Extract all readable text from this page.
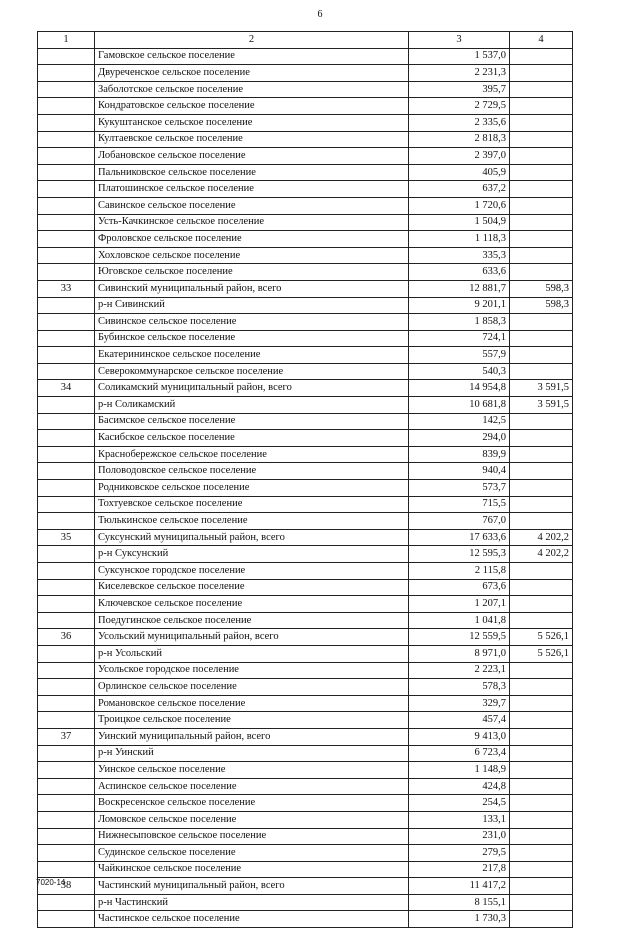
6
1	2	3	4
	Гамовское сельское поселение	1 537,0	
	Двуреченское сельское поселение	2 231,3	
	Заболотское сельское поселение	395,7	
	Кондратовское сельское поселение	2 729,5	
	Кукуштанское сельское поселение	2 335,6	
	Култаевское сельское поселение	2 818,3	
	Лобановское сельское поселение	2 397,0	
	Пальниковское сельское поселение	405,9	
	Платошинское сельское поселение	637,2	
	Савинское сельское поселение	1 720,6	
	Усть-Качкинское сельское поселение	1 504,9	
	Фроловское сельское поселение	1 118,3	
	Хохловское сельское поселение	335,3	
	Юговское сельское поселение	633,6	
33	Сивинский муниципальный район, всего	12 881,7	598,3
	р-н Сивинский	9 201,1	598,3
	Сивинское сельское поселение	1 858,3	
	Бубинское сельское поселение	724,1	
	Екатерининское сельское поселение	557,9	
	Северокоммунарское сельское поселение	540,3	
34	Соликамский муниципальный район, всего	14 954,8	3 591,5
	р-н Соликамский	10 681,8	3 591,5
	Басимское сельское поселение	142,5	
	Касибское сельское поселение	294,0	
	Краснобережское сельское поселение	839,9	
	Половодовское сельское поселение	940,4	
	Родниковское сельское поселение	573,7	
	Тохтуевское сельское поселение	715,5	
	Тюлькинское сельское поселение	767,0	
35	Суксунский муниципальный район, всего	17 633,6	4 202,2
	р-н Суксунский	12 595,3	4 202,2
	Суксунское городское поселение	2 115,8	
	Киселевское сельское поселение	673,6	
	Ключевское сельское поселение	1 207,1	
	Поедугинское сельское поселение	1 041,8	
36	Усольский муниципальный район, всего	12 559,5	5 526,1
	р-н Усольский	8 971,0	5 526,1
	Усольское городское поселение	2 223,1	
	Орлинское сельское поселение	578,3	
	Романовское сельское поселение	329,7	
	Троицкое сельское поселение	457,4	
37	Уинский муниципальный район, всего	9 413,0	
	р-н Уинский	6 723,4	
	Уинское сельское поселение	1 148,9	
	Аспинское сельское поселение	424,8	
	Воскресенское сельское поселение	254,5	
	Ломовское сельское поселение	133,1	
	Нижнесыповское сельское поселение	231,0	
	Судинское сельское поселение	279,5	
	Чайкинское сельское поселение	217,8	
38	Частинский муниципальный район, всего	11 417,2	
	р-н Частинский	8 155,1	
	Частинское сельское поселение	1 730,3	
7020-14
